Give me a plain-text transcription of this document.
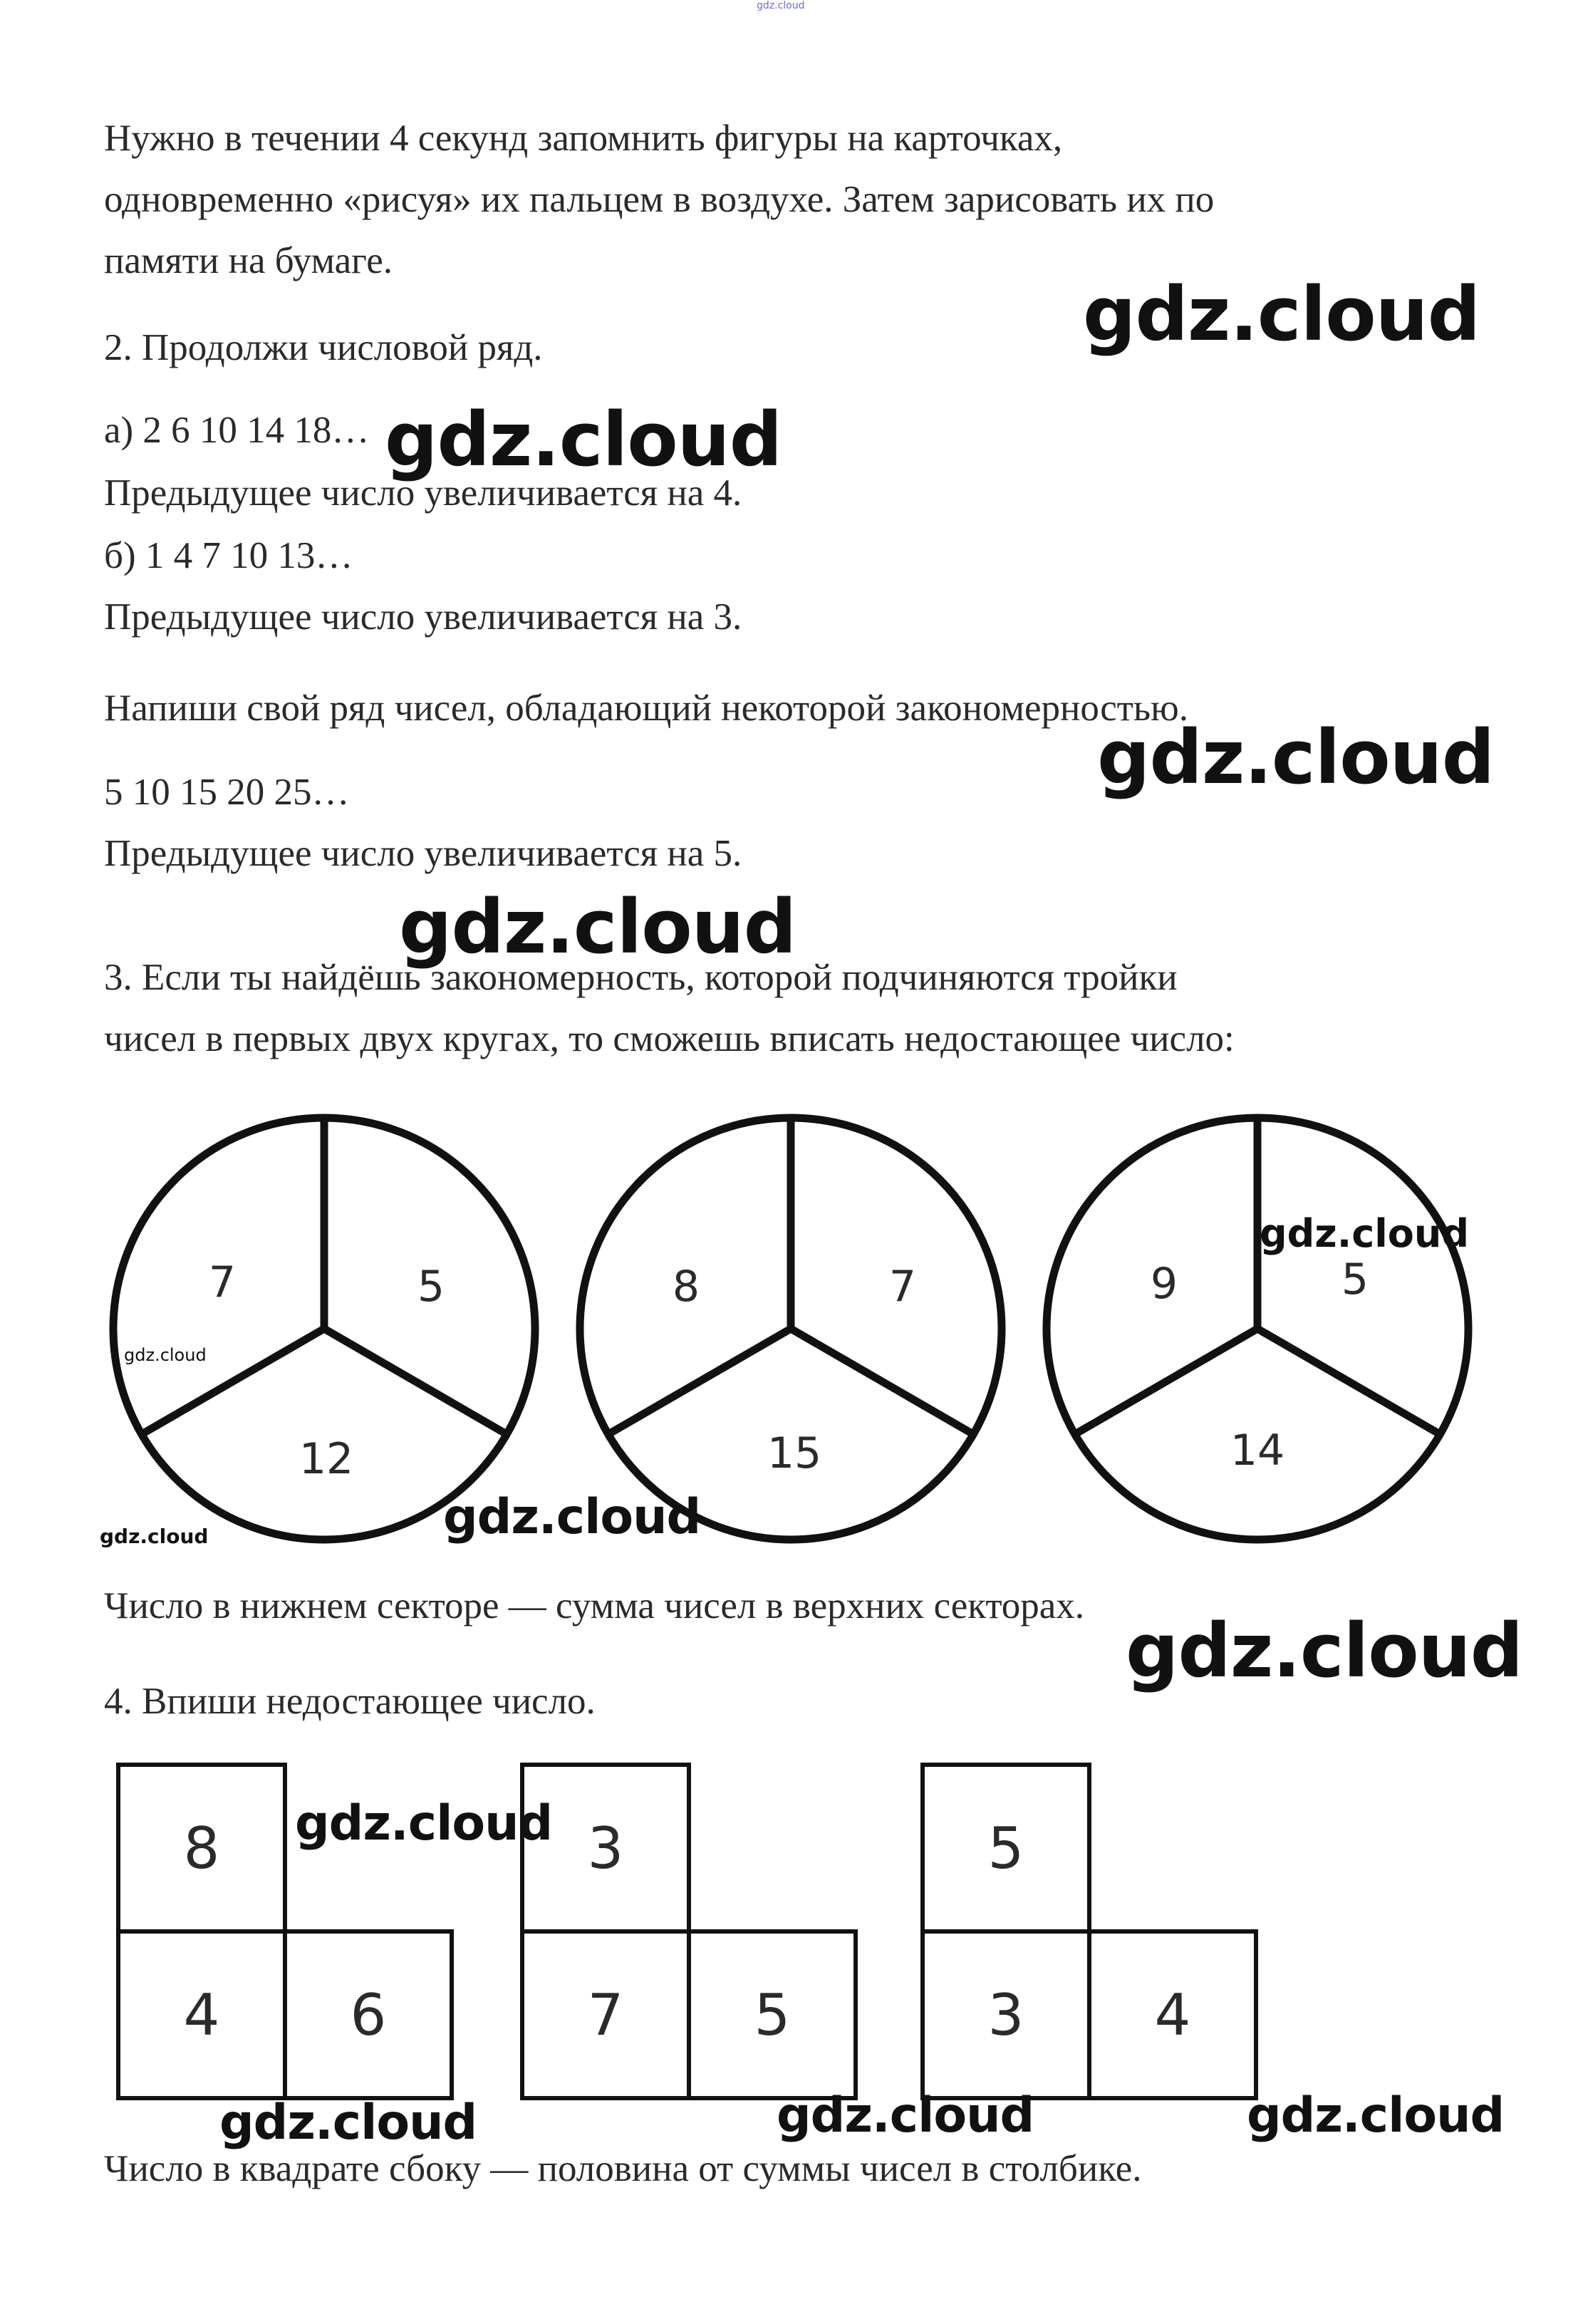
gdz.cloud
Нужно в течении 4 секунд запомнить фигуры на карточках,
одновременно «рисуя» их пальцем в воздухе. Затем зарисовать их по
памяти на бумаге.
2. Продолжи числовой ряд.
а) 2 6 10 14 18…
Предыдущее число увеличивается на 4.
б) 1 4 7 10 13…
Предыдущее число увеличивается на 3.
Напиши свой ряд чисел, обладающий некоторой закономерностью.
5 10 15 20 25…
Предыдущее число увеличивается на 5.
3. Если ты найдёшь закономерность, которой подчиняются тройки
чисел в первых двух кругах, то сможешь вписать недостающее число:
7	5
12
8	7
15
9	5
14
Число в нижнем секторе — сумма чисел в верхних секторах.
4. Впиши недостающее число.
8
4	6
3
7	5
5
3	4
Число в квадрате сбоку — половина от суммы чисел в столбике.
gdz.cloud
gdz.cloud
gdz.cloud
gdz.cloud
gdz.cloud
gdz.cloud
gdz.cloud	gdz.cloud
gdz.cloud
gdz.cloud
gdz.cloud	gdz.cloud	gdz.cloud
